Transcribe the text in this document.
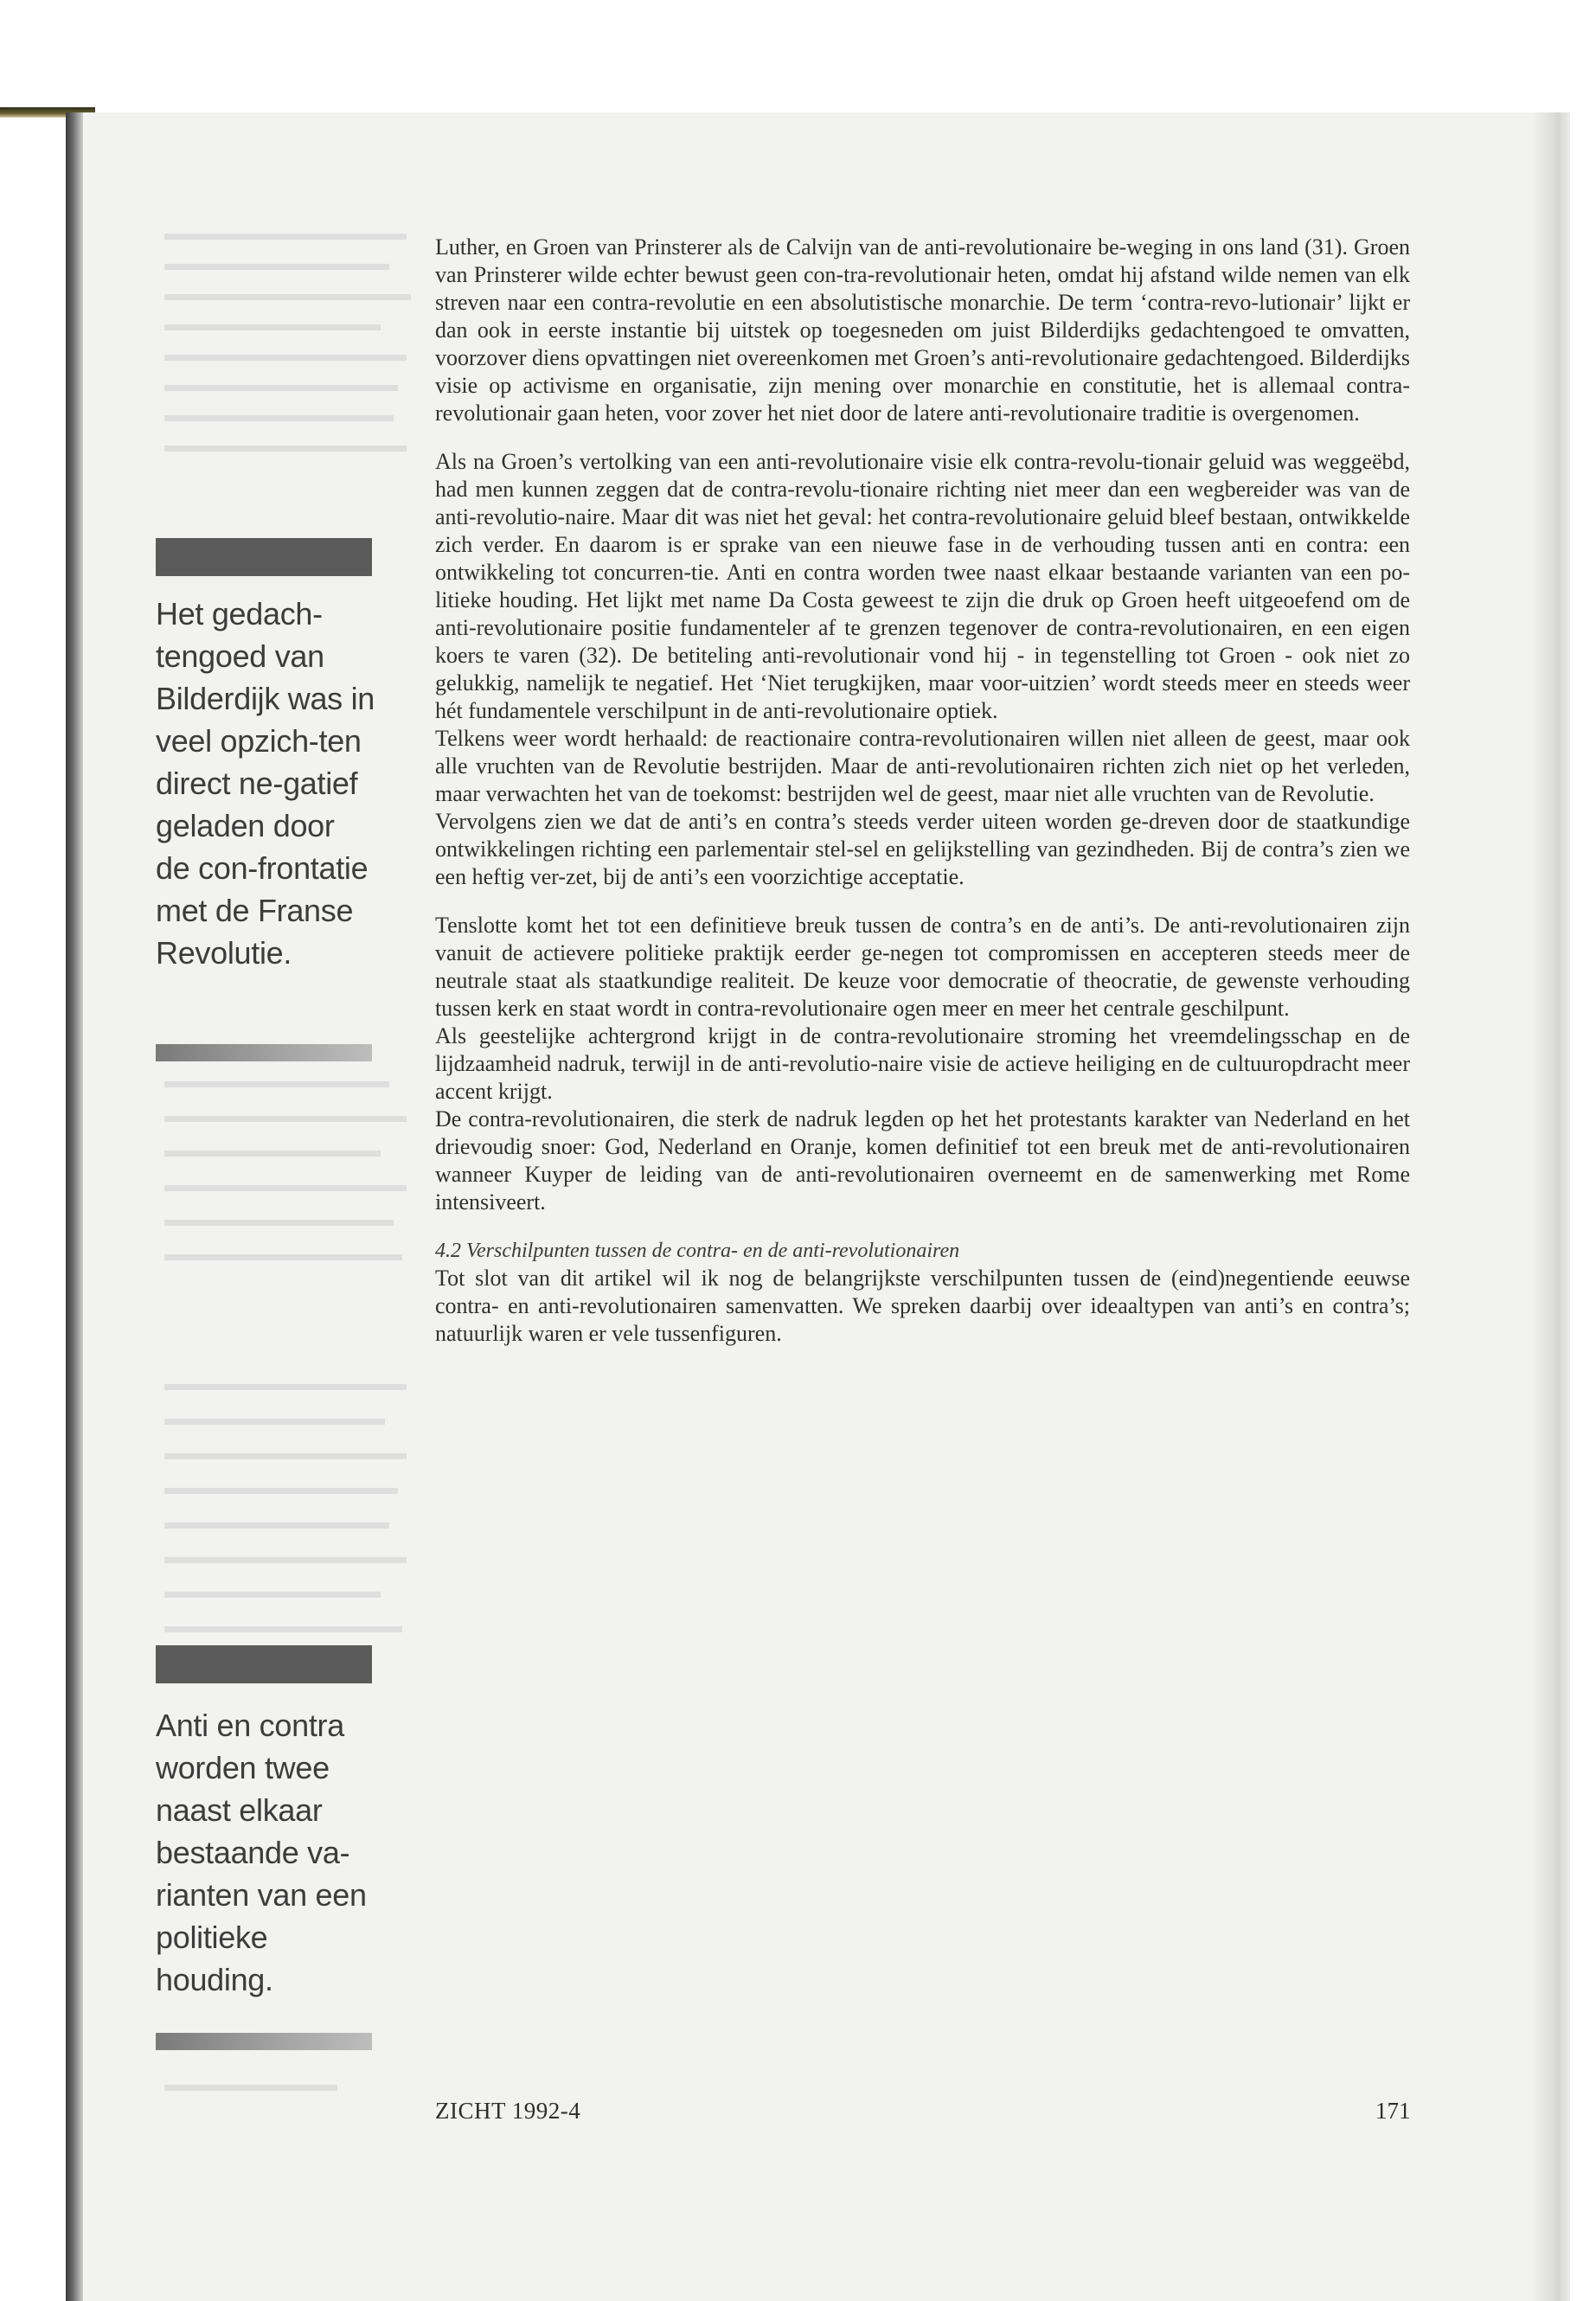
Het gedach-tengoed van Bilderdijk was in veel opzich-ten direct ne-gatief geladen door de con-frontatie met de Franse Revolutie.
Anti en contra worden twee naast elkaar bestaande va-rianten van een politieke houding.

Luther, en Groen van Prinsterer als de Calvijn van de anti-revolutionaire be-weging in ons land (31). Groen van Prinsterer wilde echter bewust geen con-tra-revolutionair heten, omdat hij afstand wilde nemen van elk streven naar een contra-revolutie en een absolutistische monarchie. De term ‘contra-revo-lutionair’ lijkt er dan ook in eerste instantie bij uitstek op toegesneden om juist Bilderdijks gedachtengoed te omvatten, voorzover diens opvattingen niet overeenkomen met Groen’s anti-revolutionaire gedachtengoed. Bilderdijks visie op activisme en organisatie, zijn mening over monarchie en constitutie, het is allemaal contra-revolutionair gaan heten, voor zover het niet door de latere anti-revolutionaire traditie is overgenomen.

Als na Groen’s vertolking van een anti-revolutionaire visie elk contra-revolu-tionair geluid was weggeëbd, had men kunnen zeggen dat de contra-revolu-tionaire richting niet meer dan een wegbereider was van de anti-revolutio-naire. Maar dit was niet het geval: het contra-revolutionaire geluid bleef bestaan, ontwikkelde zich verder. En daarom is er sprake van een nieuwe fase in de verhouding tussen anti en contra: een ontwikkeling tot concurren-tie. Anti en contra worden twee naast elkaar bestaande varianten van een po-litieke houding. Het lijkt met name Da Costa geweest te zijn die druk op Groen heeft uitgeoefend om de anti-revolutionaire positie fundamenteler af te grenzen tegenover de contra-revolutionairen, en een eigen koers te varen (32). De betiteling anti-revolutionair vond hij - in tegenstelling tot Groen - ook niet zo gelukkig, namelijk te negatief. Het ‘Niet terugkijken, maar voor-uitzien’ wordt steeds meer en steeds weer hét fundamentele verschilpunt in de anti-revolutionaire optiek.

Telkens weer wordt herhaald: de reactionaire contra-revolutionairen willen niet alleen de geest, maar ook alle vruchten van de Revolutie bestrijden. Maar de anti-revolutionairen richten zich niet op het verleden, maar verwachten het van de toekomst: bestrijden wel de geest, maar niet alle vruchten van de Revolutie.

Vervolgens zien we dat de anti’s en contra’s steeds verder uiteen worden ge-dreven door de staatkundige ontwikkelingen richting een parlementair stel-sel en gelijkstelling van gezindheden. Bij de contra’s zien we een heftig ver-zet, bij de anti’s een voorzichtige acceptatie.

Tenslotte komt het tot een definitieve breuk tussen de contra’s en de anti’s. De anti-revolutionairen zijn vanuit de actievere politieke praktijk eerder ge-negen tot compromissen en accepteren steeds meer de neutrale staat als staatkundige realiteit. De keuze voor democratie of theocratie, de gewenste verhouding tussen kerk en staat wordt in contra-revolutionaire ogen meer en meer het centrale geschilpunt.

Als geestelijke achtergrond krijgt in de contra-revolutionaire stroming het vreemdelingsschap en de lijdzaamheid nadruk, terwijl in de anti-revolutio-naire visie de actieve heiliging en de cultuuropdracht meer accent krijgt.

De contra-revolutionairen, die sterk de nadruk legden op het het protestants karakter van Nederland en het drievoudig snoer: God, Nederland en Oranje, komen definitief tot een breuk met de anti-revolutionairen wanneer Kuyper de leiding van de anti-revolutionairen overneemt en de samenwerking met Rome intensiveert.

4.2 Verschilpunten tussen de contra- en de anti-revolutionairen

Tot slot van dit artikel wil ik nog de belangrijkste verschilpunten tussen de (eind)negentiende eeuwse contra- en anti-revolutionairen samenvatten. We spreken daarbij over ideaaltypen van anti’s en contra’s; natuurlijk waren er vele tussenfiguren.

ZICHT 1992-4	171
